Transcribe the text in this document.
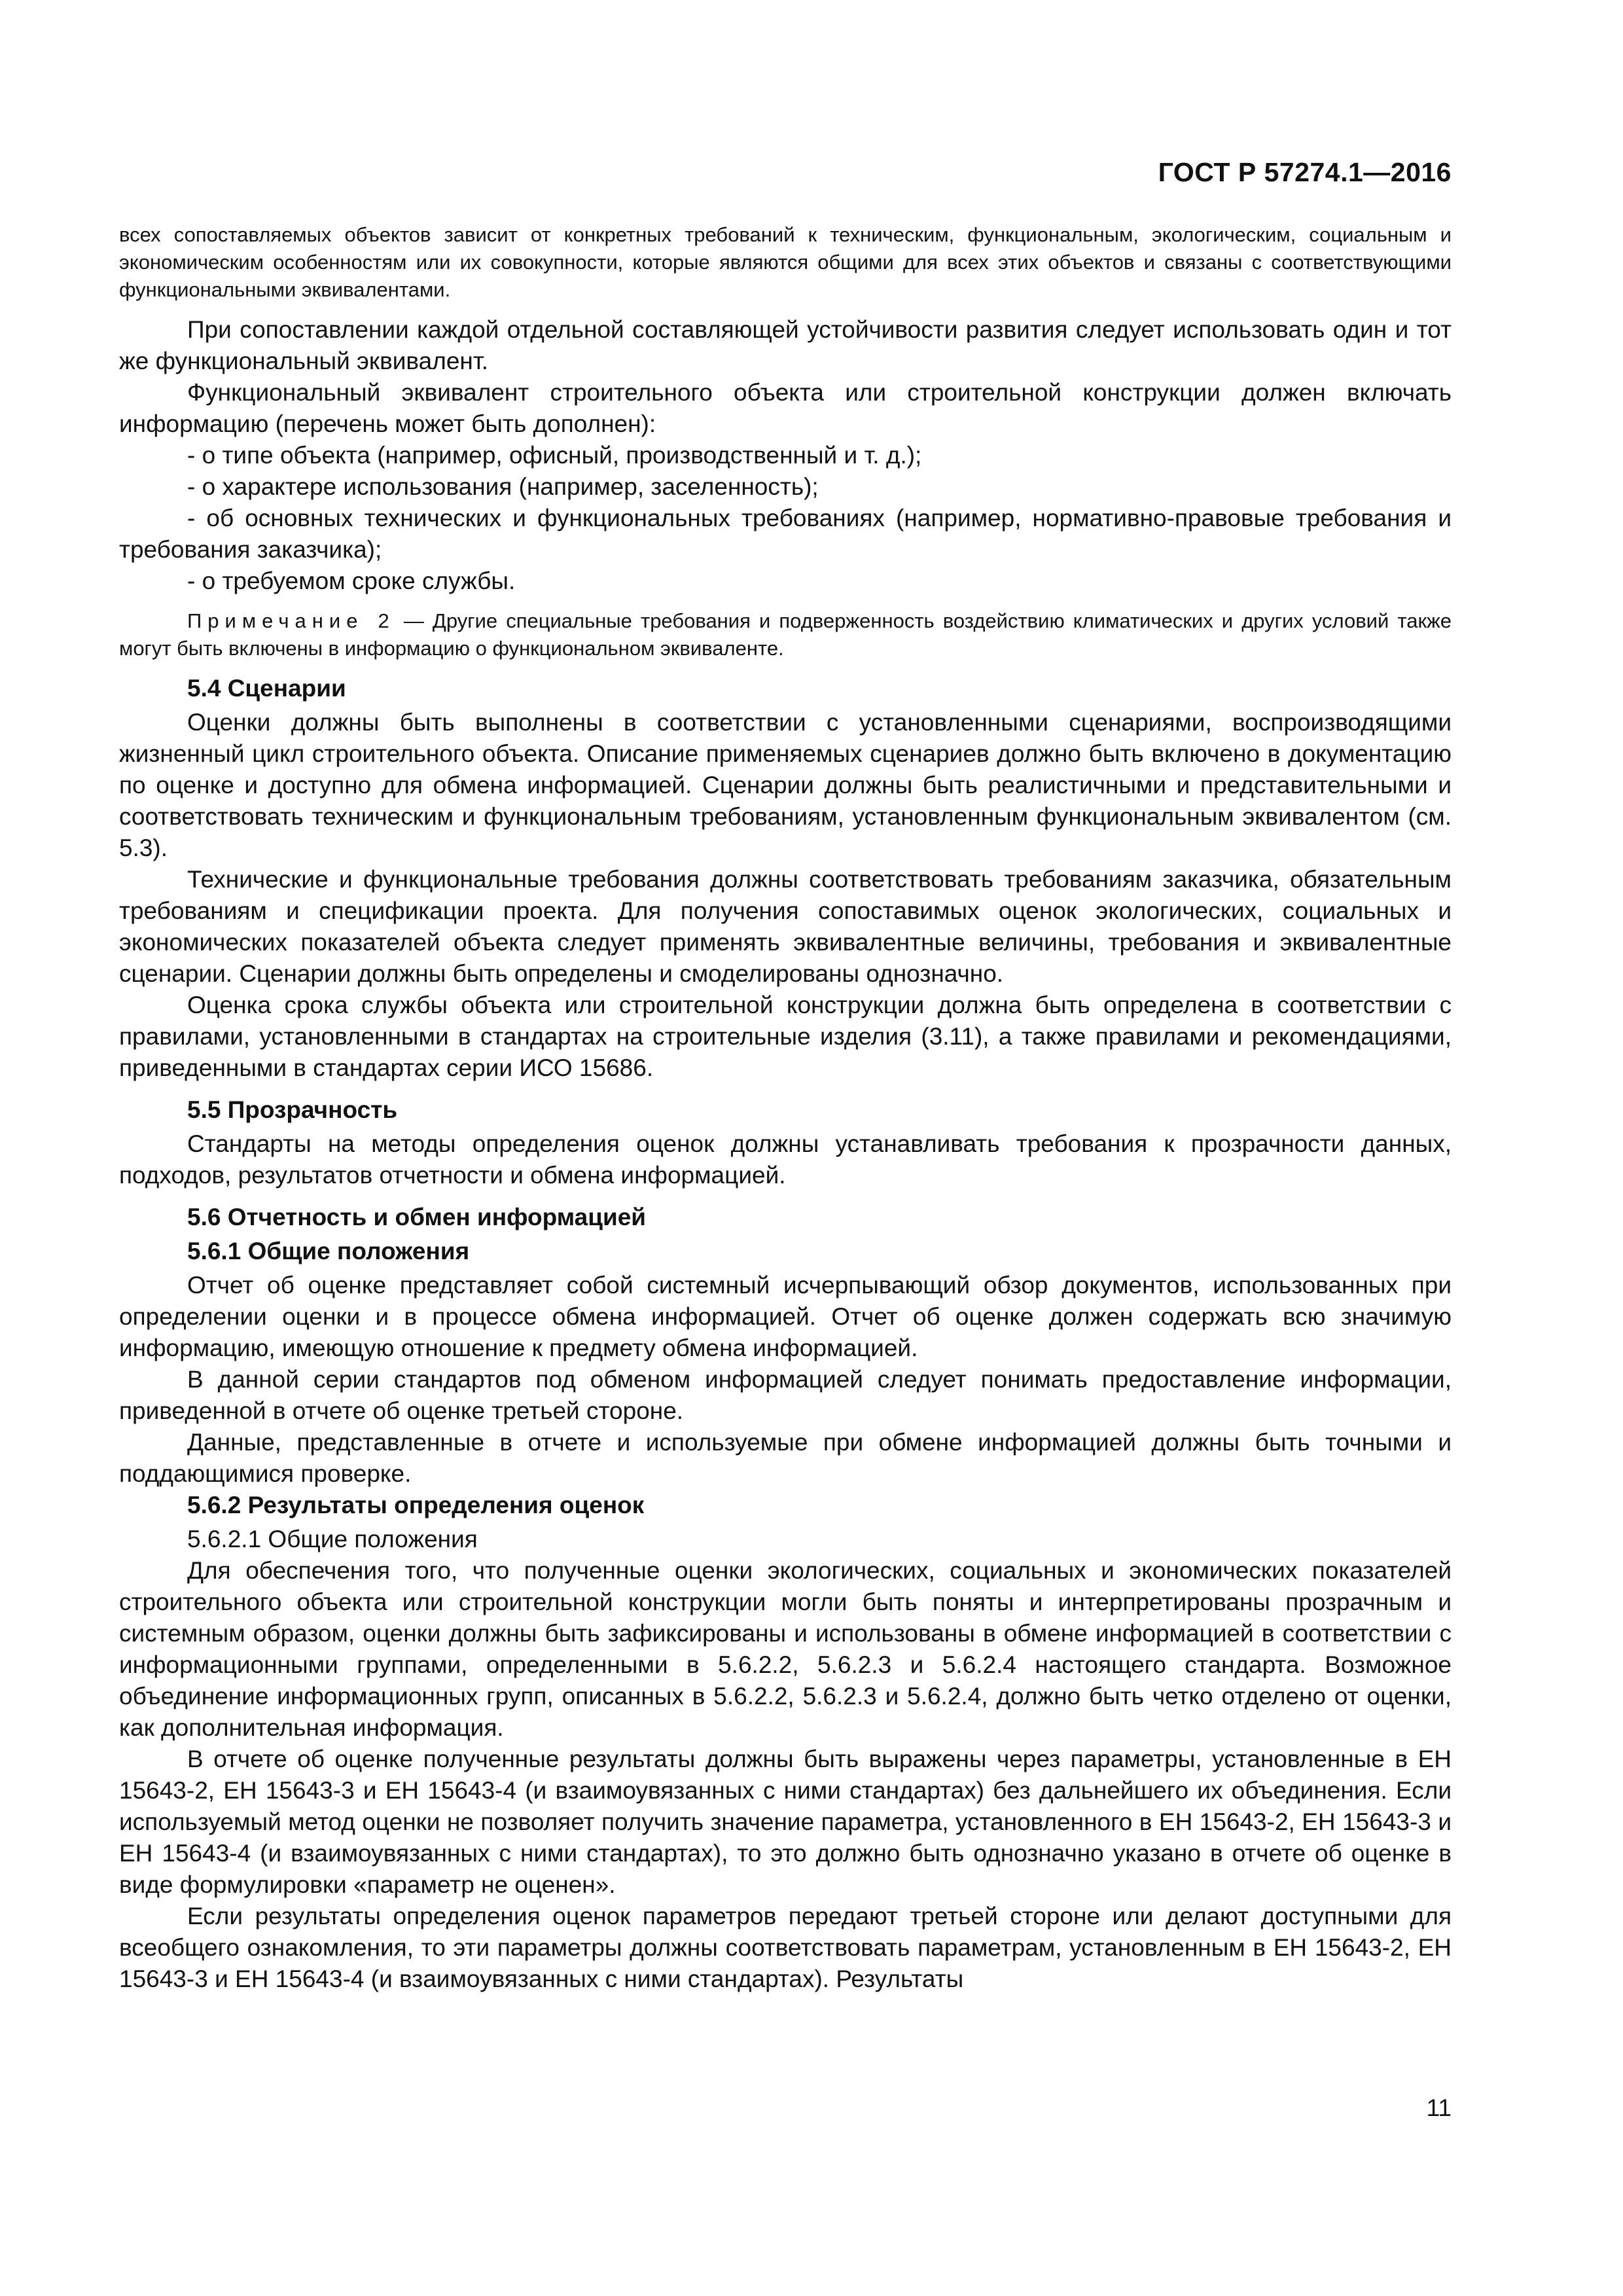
ГОСТ Р 57274.1—2016

всех сопоставляемых объектов зависит от конкретных требований к техническим, функциональным, экологическим, социальным и экономическим особенностям или их совокупности, которые являются общими для всех этих объектов и связаны с соответствующими функциональными эквивалентами.

При сопоставлении каждой отдельной составляющей устойчивости развития следует использовать один и тот же функциональный эквивалент.

Функциональный эквивалент строительного объекта или строительной конструкции должен включать информацию (перечень может быть дополнен):

- о типе объекта (например, офисный, производственный и т. д.);
- о характере использования (например, заселенность);
- об основных технических и функциональных требованиях (например, нормативно-правовые требования и требования заказчика);
- о требуемом сроке службы.

Примечание 2 — Другие специальные требования и подверженность воздействию климатических и других условий также могут быть включены в информацию о функциональном эквиваленте.

5.4 Сценарии

Оценки должны быть выполнены в соответствии с установленными сценариями, воспроизводящими жизненный цикл строительного объекта. Описание применяемых сценариев должно быть включено в документацию по оценке и доступно для обмена информацией. Сценарии должны быть реалистичными и представительными и соответствовать техническим и функциональным требованиям, установленным функциональным эквивалентом (см. 5.3).

Технические и функциональные требования должны соответствовать требованиям заказчика, обязательным требованиям и спецификации проекта. Для получения сопоставимых оценок экологических, социальных и экономических показателей объекта следует применять эквивалентные величины, требования и эквивалентные сценарии. Сценарии должны быть определены и смоделированы однозначно.

Оценка срока службы объекта или строительной конструкции должна быть определена в соответствии с правилами, установленными в стандартах на строительные изделия (3.11), а также правилами и рекомендациями, приведенными в стандартах серии ИСО 15686.

5.5 Прозрачность

Стандарты на методы определения оценок должны устанавливать требования к прозрачности данных, подходов, результатов отчетности и обмена информацией.

5.6 Отчетность и обмен информацией
5.6.1 Общие положения

Отчет об оценке представляет собой системный исчерпывающий обзор документов, использованных при определении оценки и в процессе обмена информацией. Отчет об оценке должен содержать всю значимую информацию, имеющую отношение к предмету обмена информацией.

В данной серии стандартов под обменом информацией следует понимать предоставление информации, приведенной в отчете об оценке третьей стороне.

Данные, представленные в отчете и используемые при обмене информацией должны быть точными и поддающимися проверке.

5.6.2 Результаты определения оценок
5.6.2.1 Общие положения

Для обеспечения того, что полученные оценки экологических, социальных и экономических показателей строительного объекта или строительной конструкции могли быть поняты и интерпретированы прозрачным и системным образом, оценки должны быть зафиксированы и использованы в обмене информацией в соответствии с информационными группами, определенными в 5.6.2.2, 5.6.2.3 и 5.6.2.4 настоящего стандарта. Возможное объединение информационных групп, описанных в 5.6.2.2, 5.6.2.3 и 5.6.2.4, должно быть четко отделено от оценки, как дополнительная информация.

В отчете об оценке полученные результаты должны быть выражены через параметры, установленные в ЕН 15643-2, ЕН 15643-3 и ЕН 15643-4 (и взаимоувязанных с ними стандартах) без дальнейшего их объединения. Если используемый метод оценки не позволяет получить значение параметра, установленного в ЕН 15643-2, ЕН 15643-3 и ЕН 15643-4 (и взаимоувязанных с ними стандартах), то это должно быть однозначно указано в отчете об оценке в виде формулировки «параметр не оценен».

Если результаты определения оценок параметров передают третьей стороне или делают доступными для всеобщего ознакомления, то эти параметры должны соответствовать параметрам, установленным в ЕН 15643-2, ЕН 15643-3 и ЕН 15643-4 (и взаимоувязанных с ними стандартах). Результаты

11
